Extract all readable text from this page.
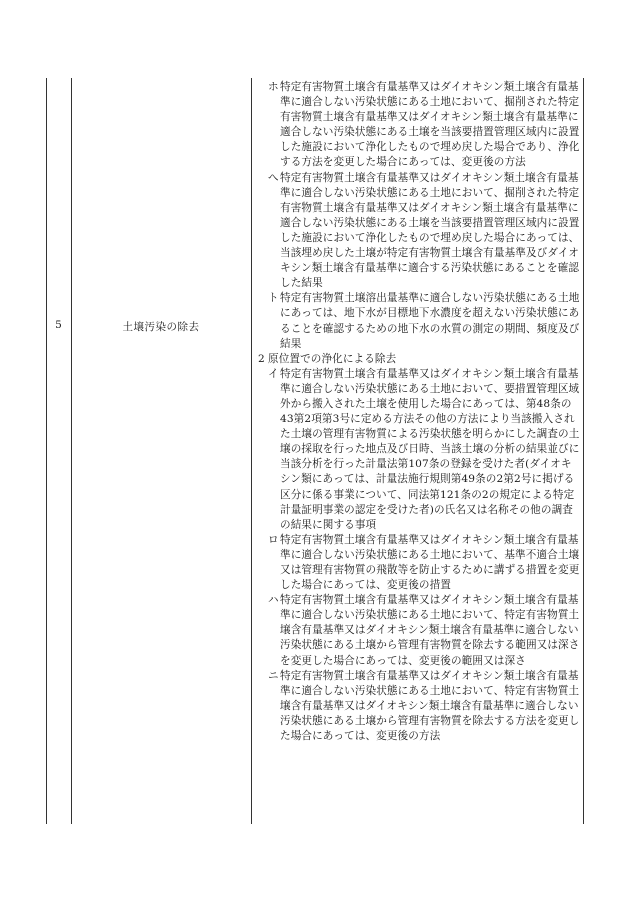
5	土壌汚染の除去

ホ 特定有害物質土壌含有量基準又はダイオキシン類土壌含有量基準に適合しない汚染状態にある土地において、掘削された特定有害物質土壌含有量基準又はダイオキシン類土壌含有量基準に適合しない汚染状態にある土壌を当該要措置管理区域内に設置した施設において浄化したもので埋め戻した場合であり、浄化する方法を変更した場合にあっては、変更後の方法

へ 特定有害物質土壌含有量基準又はダイオキシン類土壌含有量基準に適合しない汚染状態にある土地において、掘削された特定有害物質土壌含有量基準又はダイオキシン類土壌含有量基準に適合しない汚染状態にある土壌を当該要措置管理区域内に設置した施設において浄化したもので埋め戻した場合にあっては、当該埋め戻した土壌が特定有害物質土壌含有量基準及びダイオキシン類土壌含有量基準に適合する汚染状態にあることを確認した結果

ト 特定有害物質土壌溶出量基準に適合しない汚染状態にある土地にあっては、地下水が目標地下水濃度を超えない汚染状態にあることを確認するための地下水の水質の測定の期間、頻度及び結果

2 原位置での浄化による除去

イ 特定有害物質土壌含有量基準又はダイオキシン類土壌含有量基準に適合しない汚染状態にある土地において、要措置管理区域外から搬入された土壌を使用した場合にあっては、第48条の43第2項第3号に定める方法その他の方法により当該搬入された土壌の管理有害物質による汚染状態を明らかにした調査の土壌の採取を行った地点及び日時、当該土壌の分析の結果並びに当該分析を行った計量法第107条の登録を受けた者(ダイオキシン類にあっては、計量法施行規則第49条の2第2号に掲げる区分に係る事業について、同法第121条の2の規定による特定計量証明事業の認定を受けた者)の氏名又は名称その他の調査の結果に関する事項

ロ 特定有害物質土壌含有量基準又はダイオキシン類土壌含有量基準に適合しない汚染状態にある土地において、基準不適合土壌又は管理有害物質の飛散等を防止するために講ずる措置を変更した場合にあっては、変更後の措置

ハ 特定有害物質土壌含有量基準又はダイオキシン類土壌含有量基準に適合しない汚染状態にある土地において、特定有害物質土壌含有量基準又はダイオキシン類土壌含有量基準に適合しない汚染状態にある土壌から管理有害物質を除去する範囲又は深さを変更した場合にあっては、変更後の範囲又は深さ

ニ 特定有害物質土壌含有量基準又はダイオキシン類土壌含有量基準に適合しない汚染状態にある土地において、特定有害物質土壌含有量基準又はダイオキシン類土壌含有量基準に適合しない汚染状態にある土壌から管理有害物質を除去する方法を変更した場合にあっては、変更後の方法
